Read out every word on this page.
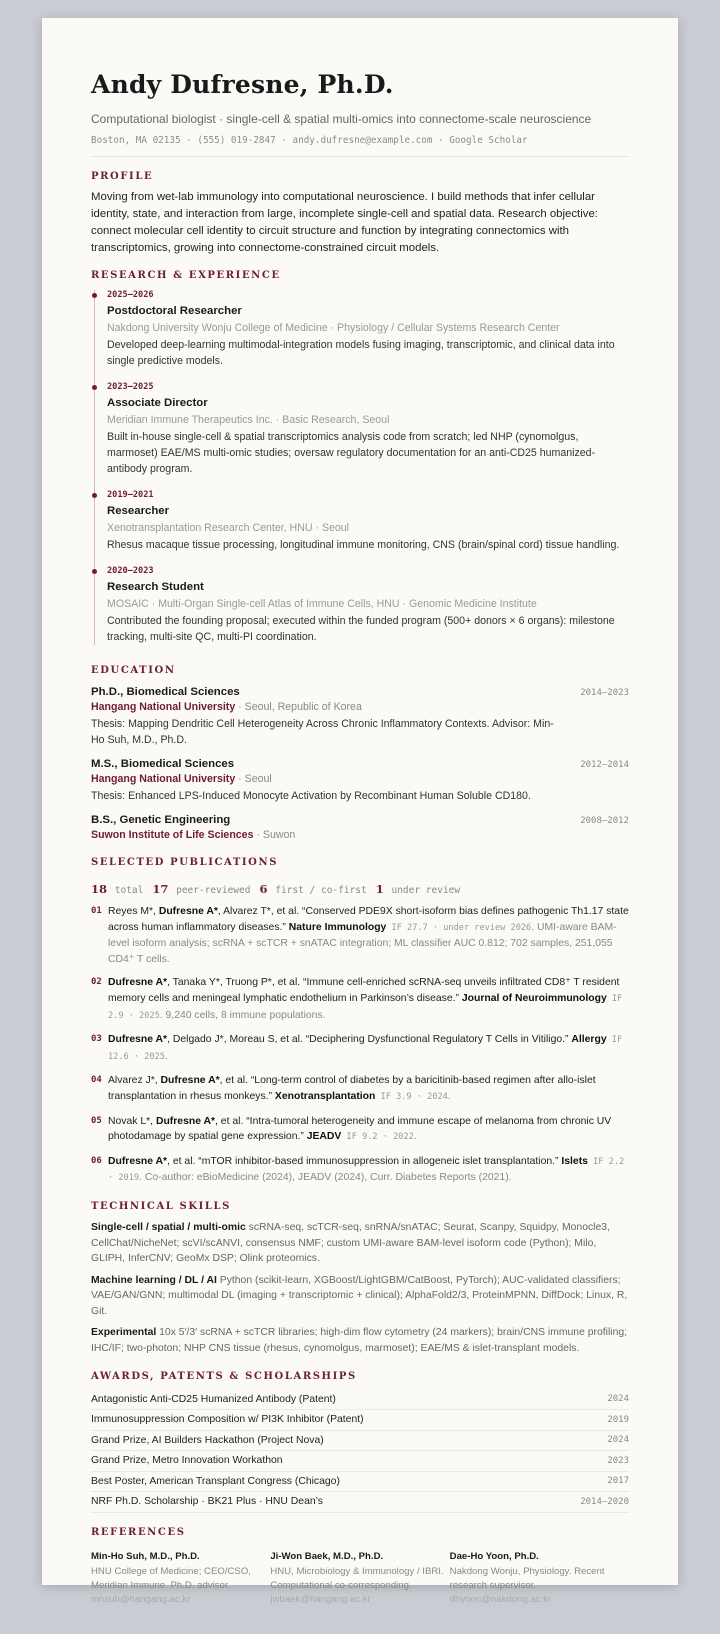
Andy Dufresne, Ph.D.
Computational biologist · single-cell & spatial multi-omics into connectome-scale neuroscience
Boston, MA 02135 · (555) 019-2847 · andy.dufresne@example.com · Google Scholar
PROFILE
Moving from wet-lab immunology into computational neuroscience. I build methods that infer cellular identity, state, and interaction from large, incomplete single-cell and spatial data. Research objective: connect molecular cell identity to circuit structure and function by integrating connectomics with transcriptomics, growing into connectome-constrained circuit models.
RESEARCH & EXPERIENCE
2025–2026
Postdoctoral Researcher
Nakdong University Wonju College of Medicine · Physiology / Cellular Systems Research Center
Developed deep-learning multimodal-integration models fusing imaging, transcriptomic, and clinical data into single predictive models.
2023–2025
Associate Director
Meridian Immune Therapeutics Inc. · Basic Research, Seoul
Built in-house single-cell & spatial transcriptomics analysis code from scratch; led NHP (cynomolgus, marmoset) EAE/MS multi-omic studies; oversaw regulatory documentation for an anti-CD25 humanized-antibody program.
2019–2021
Researcher
Xenotransplantation Research Center, HNU · Seoul
Rhesus macaque tissue processing, longitudinal immune monitoring, CNS (brain/spinal cord) tissue handling.
2020–2023
Research Student
MOSAIC · Multi-Organ Single-cell Atlas of Immune Cells, HNU · Genomic Medicine Institute
Contributed the founding proposal; executed within the funded program (500+ donors × 6 organs): milestone tracking, multi-site QC, multi-PI coordination.
EDUCATION
Ph.D., Biomedical Sciences	2014–2023
Hangang National University · Seoul, Republic of Korea
Thesis: Mapping Dendritic Cell Heterogeneity Across Chronic Inflammatory Contexts. Advisor: Min-Ho Suh, M.D., Ph.D.
M.S., Biomedical Sciences	2012–2014
Hangang National University · Seoul
Thesis: Enhanced LPS-Induced Monocyte Activation by Recombinant Human Soluble CD180.
B.S., Genetic Engineering	2008–2012
Suwon Institute of Life Sciences · Suwon
SELECTED PUBLICATIONS
18 total 17 peer-reviewed 6 first / co-first 1 under review
01 Reyes M*, Dufresne A*, Alvarez T*, et al. “Conserved PDE9X short-isoform bias defines pathogenic Th1.17 state across human inflammatory diseases.” Nature Immunology IF 27.7 · under review 2026. UMI-aware BAM-level isoform analysis; scRNA + scTCR + snATAC integration; ML classifier AUC 0.812; 702 samples, 251,055 CD4⁺ T cells.
02 Dufresne A*, Tanaka Y*, Truong P*, et al. “Immune cell-enriched scRNA-seq unveils infiltrated CD8⁺ T resident memory cells and meningeal lymphatic endothelium in Parkinson’s disease.” Journal of Neuroimmunology IF 2.9 · 2025. 9,240 cells, 8 immune populations.
03 Dufresne A*, Delgado J*, Moreau S, et al. “Deciphering Dysfunctional Regulatory T Cells in Vitiligo.” Allergy IF 12.6 · 2025.
04 Alvarez J*, Dufresne A*, et al. “Long-term control of diabetes by a baricitinib-based regimen after allo-islet transplantation in rhesus monkeys.” Xenotransplantation IF 3.9 · 2024.
05 Novak L*, Dufresne A*, et al. “Intra-tumoral heterogeneity and immune escape of melanoma from chronic UV photodamage by spatial gene expression.” JEADV IF 9.2 · 2022.
06 Dufresne A*, et al. “mTOR inhibitor-based immunosuppression in allogeneic islet transplantation.” Islets IF 2.2 · 2019. Co-author: eBioMedicine (2024), JEADV (2024), Curr. Diabetes Reports (2021).
TECHNICAL SKILLS
Single-cell / spatial / multi-omic scRNA-seq, scTCR-seq, snRNA/snATAC; Seurat, Scanpy, Squidpy, Monocle3, CellChat/NicheNet; scVI/scANVI, consensus NMF; custom UMI-aware BAM-level isoform code (Python); Milo, GLIPH, InferCNV; GeoMx DSP; Olink proteomics.
Machine learning / DL / AI Python (scikit-learn, XGBoost/LightGBM/CatBoost, PyTorch); AUC-validated classifiers; VAE/GAN/GNN; multimodal DL (imaging + transcriptomic + clinical); AlphaFold2/3, ProteinMPNN, DiffDock; Linux, R, Git.
Experimental 10x 5′/3′ scRNA + scTCR libraries; high-dim flow cytometry (24 markers); brain/CNS immune profiling; IHC/IF; two-photon; NHP CNS tissue (rhesus, cynomolgus, marmoset); EAE/MS & islet-transplant models.
AWARDS, PATENTS & SCHOLARSHIPS
Antagonistic Anti-CD25 Humanized Antibody (Patent)	2024
Immunosuppression Composition w/ PI3K Inhibitor (Patent)	2019
Grand Prize, AI Builders Hackathon (Project Nova)	2024
Grand Prize, Metro Innovation Workathon	2023
Best Poster, American Transplant Congress (Chicago)	2017
NRF Ph.D. Scholarship · BK21 Plus · HNU Dean’s	2014–2020
REFERENCES
Min-Ho Suh, M.D., Ph.D.
HNU College of Medicine; CEO/CSO, Meridian Immune. Ph.D. advisor.
mhsuh@hangang.ac.kr
Ji-Won Baek, M.D., Ph.D.
HNU, Microbiology & Immunology / IBRI. Computational co-corresponding.
jwbaek@hangang.ac.kr
Dae-Ho Yoon, Ph.D.
Nakdong Wonju, Physiology. Recent research supervisor.
dhyoon@nakdong.ac.kr
